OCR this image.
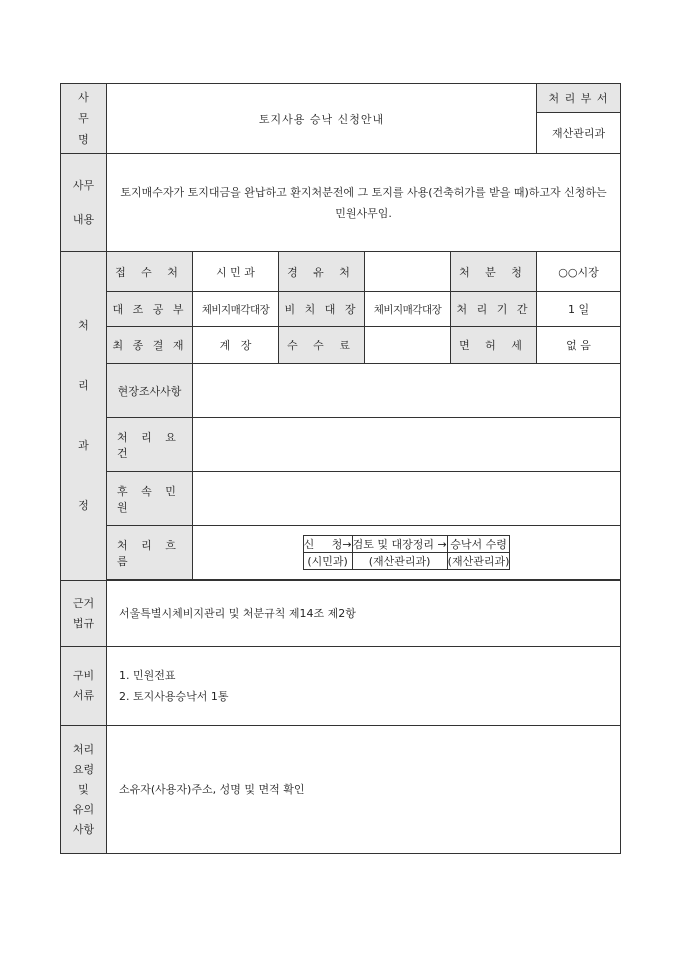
사
무
명
	토지사용 승낙 신청안내	처 리 부 서
재산관리과

사무
내용
	토지매수자가 토지대금을 완납하고 환지처분전에 그 토지를 사용(건축허가를 받을 때)하고자 신청하는 민원사무임.

처
리
과
정
	접 수 처	시 민 과	경 유 처		처 분 청	○○시장
대 조 공 부	체비지매각대장	비 치 대 장	체비지매각대장	처 리 기 간	1 일
최 종 결 재	계   장	수 수 료		면 허 세	없 음
현장조사사항	
처 리 요 건	
후 속 민 원	
처 리 흐 름	
신     청→	검토 및 대장정리 →	승낙서 수령
(시민과)	(재산관리과)	(재산관리과)

근거
법규
	서울특별시체비지관리 및 처분규칙 제14조 제2항

구비
서류

1. 민원전표
2. 토지사용승낙서 1통

처리
요령
및
유의
사항
	소유자(사용자)주소, 성명 및 면적 확인
